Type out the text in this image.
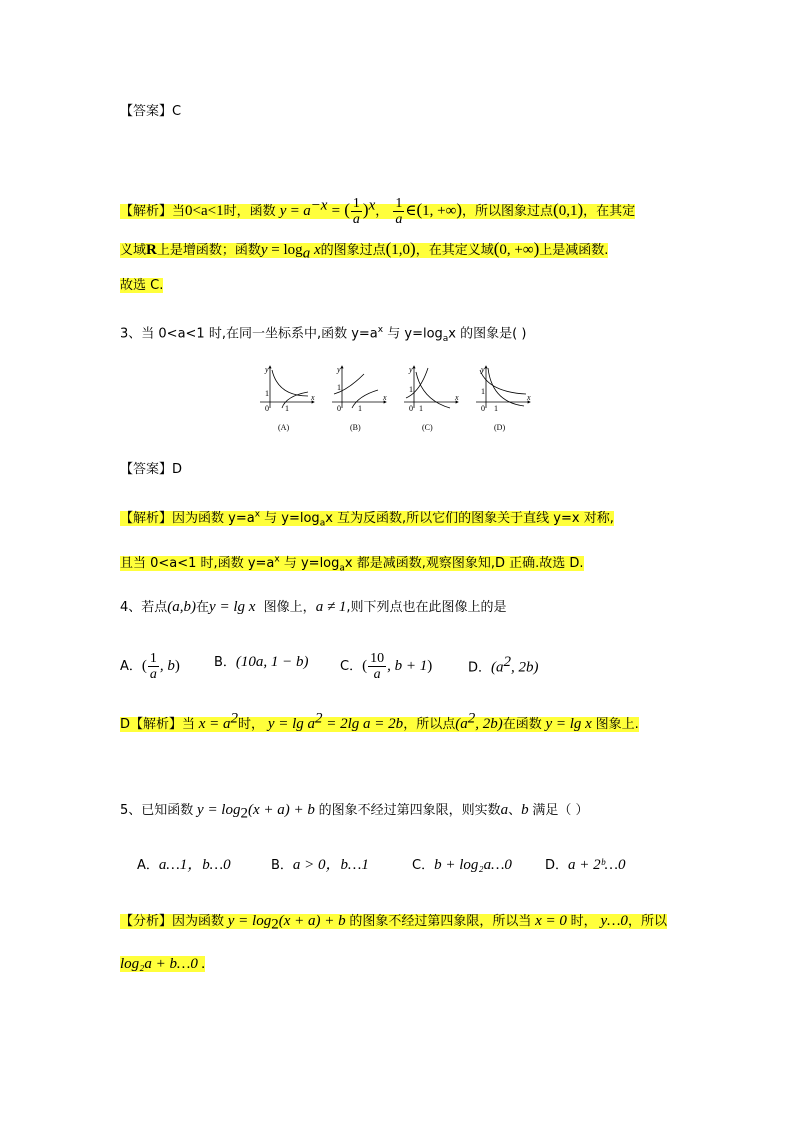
【答案】C
【解析】当0<a<1时，函数 $y = a^{-x}$ = ( $\frac{1}{a} )^x$， $\frac{1}{a}$ ∈(1, +∞)，所以图象过点(0,1)，在其定
义域R上是增函数；函数$y = \log_a x$的图象过点(1,0)，在其定义域(0, +∞)上是减函数.
故选 C.
3、当 0<a<1 时,在同一坐标系中,函数 $y=a^x$ 与 $y=\log_ax$ 的图象是( )
y
x
0
1
1
(A)
y
x
0
1
1
(B)
y
x
0
1
1
(C)
y
x
0
1
1
(D)
【答案】D
【解析】因为函数 $y=a^x$ 与 $y=\log_ax$ 互为反函数,所以它们的图象关于直线 y=x 对称,
且当 0<a<1 时,函数 $y=a^x$ 与 $y=\log_ax$ 都是减函数,观察图象知,D 正确.故选 D.
4、若点(a,b)在y = lg x 图像上，a ≠ 1,则下列点也在此图像上的是
A．( $\frac{1}{a}$ , b)	B．(10a, 1 − b) C．( $\frac{10}{a}$ , b + 1)	D．($a^2$, 2b)
D【解析】当 $x = a^2$时， $y = \lg a^2 = 2\lg$ a = 2b，所以点($a^2$, 2b)在函数 y = lg x 图象上.
5、已知函数 $y = \log_2(x + a) + b$ 的图象不经过第四象限，则实数a、b 满足（ ）
A．a…1，b…0	B．a > 0，b…1	C．b + log₂a…0	D．a + 2ᵇ…0
【分析】因为函数 $y = \log_2(x + a) + b$ 的图象不经过第四象限，所以当 x = 0 时， y…0，所以
log₂a + b…0 .
